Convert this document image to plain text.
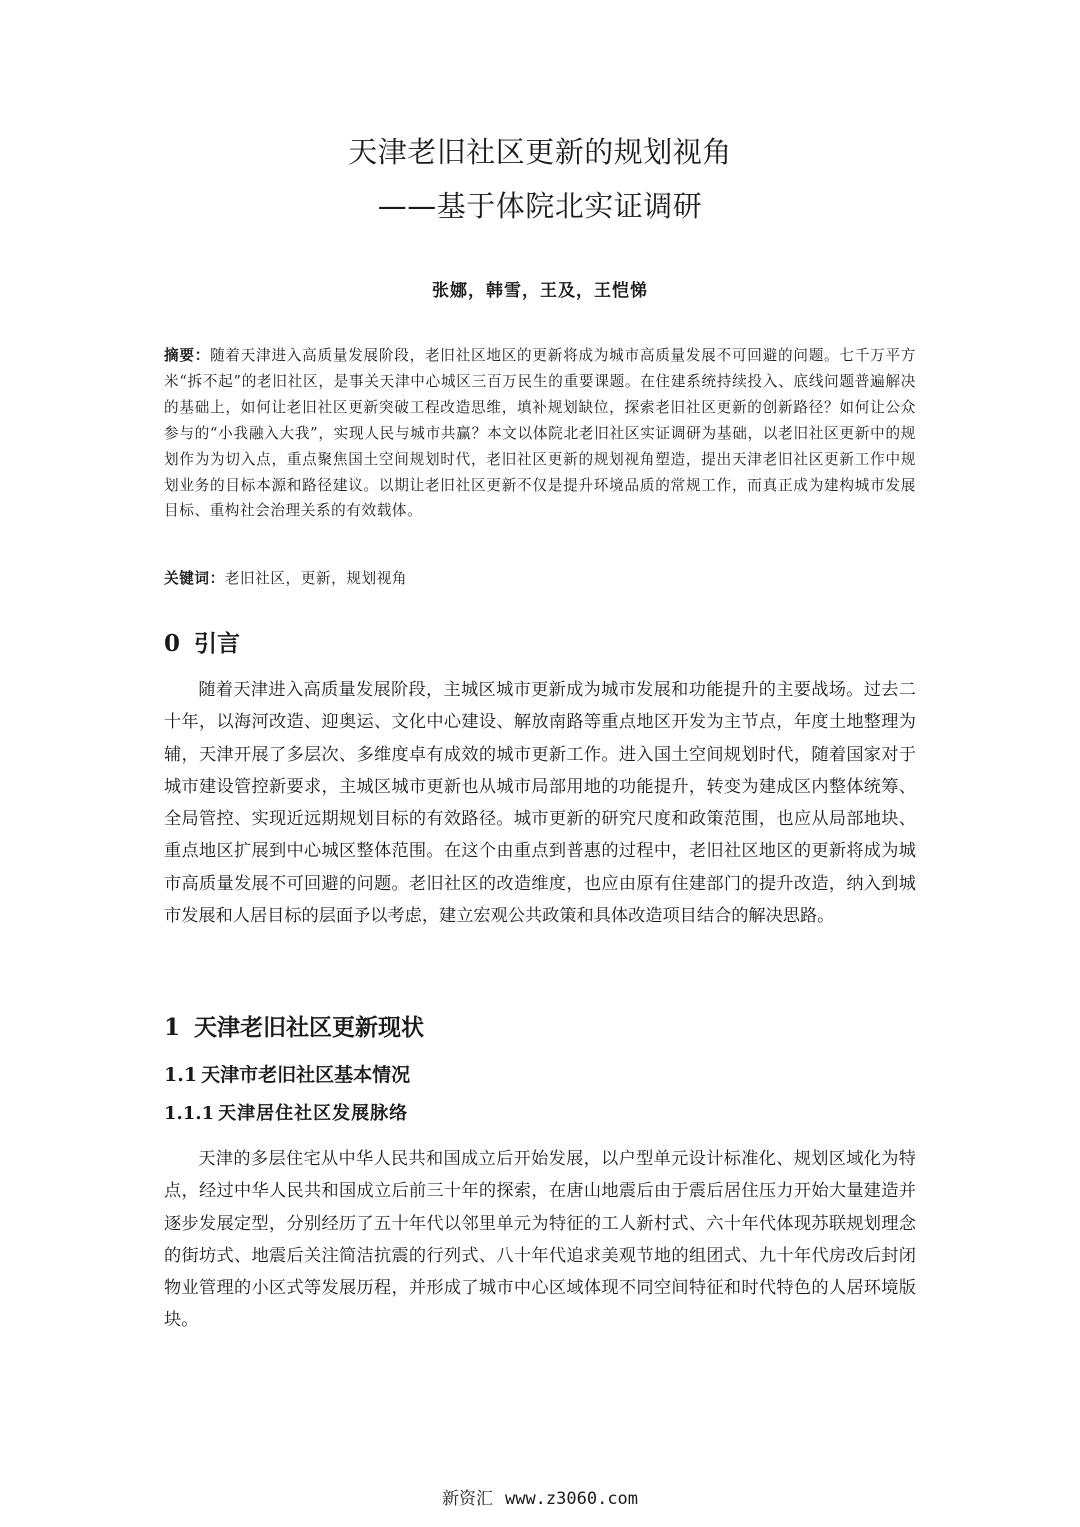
天津老旧社区更新的规划视角
——基于体院北实证调研
张娜，韩雪，王及，王恺悌
摘要：随着天津进入高质量发展阶段，老旧社区地区的更新将成为城市高质量发展不可回避的问题。七千万平方米“拆不起”的老旧社区，是事关天津中心城区三百万民生的重要课题。在住建系统持续投入、底线问题普遍解决的基础上，如何让老旧社区更新突破工程改造思维，填补规划缺位，探索老旧社区更新的创新路径？如何让公众参与的“小我融入大我”，实现人民与城市共赢？本文以体院北老旧社区实证调研为基础，以老旧社区更新中的规划作为为切入点，重点聚焦国土空间规划时代，老旧社区更新的规划视角塑造，提出天津老旧社区更新工作中规划业务的目标本源和路径建议。以期让老旧社区更新不仅是提升环境品质的常规工作，而真正成为建构城市发展目标、重构社会治理关系的有效载体。
关键词：老旧社区，更新，规划视角
0 引言

随着天津进入高质量发展阶段，主城区城市更新成为城市发展和功能提升的主要战场。过去二十年，以海河改造、迎奥运、文化中心建设、解放南路等重点地区开发为主节点，年度土地整理为辅，天津开展了多层次、多维度卓有成效的城市更新工作。进入国土空间规划时代，随着国家对于城市建设管控新要求，主城区城市更新也从城市局部用地的功能提升，转变为建成区内整体统筹、全局管控、实现近远期规划目标的有效路径。城市更新的研究尺度和政策范围，也应从局部地块、重点地区扩展到中心城区整体范围。在这个由重点到普惠的过程中，老旧社区地区的更新将成为城市高质量发展不可回避的问题。老旧社区的改造维度，也应由原有住建部门的提升改造，纳入到城市发展和人居目标的层面予以考虑，建立宏观公共政策和具体改造项目结合的解决思路。

1 天津老旧社区更新现状
1.1 天津市老旧社区基本情况
1.1.1 天津居住社区发展脉络

天津的多层住宅从中华人民共和国成立后开始发展，以户型单元设计标准化、规划区域化为特点，经过中华人民共和国成立后前三十年的探索，在唐山地震后由于震后居住压力开始大量建造并逐步发展定型，分别经历了五十年代以邻里单元为特征的工人新村式、六十年代体现苏联规划理念的街坊式、地震后关注简洁抗震的行列式、八十年代追求美观节地的组团式、九十年代房改后封闭物业管理的小区式等发展历程，并形成了城市中心区域体现不同空间特征和时代特色的人居环境版块。

新资汇 www.z3060.com
